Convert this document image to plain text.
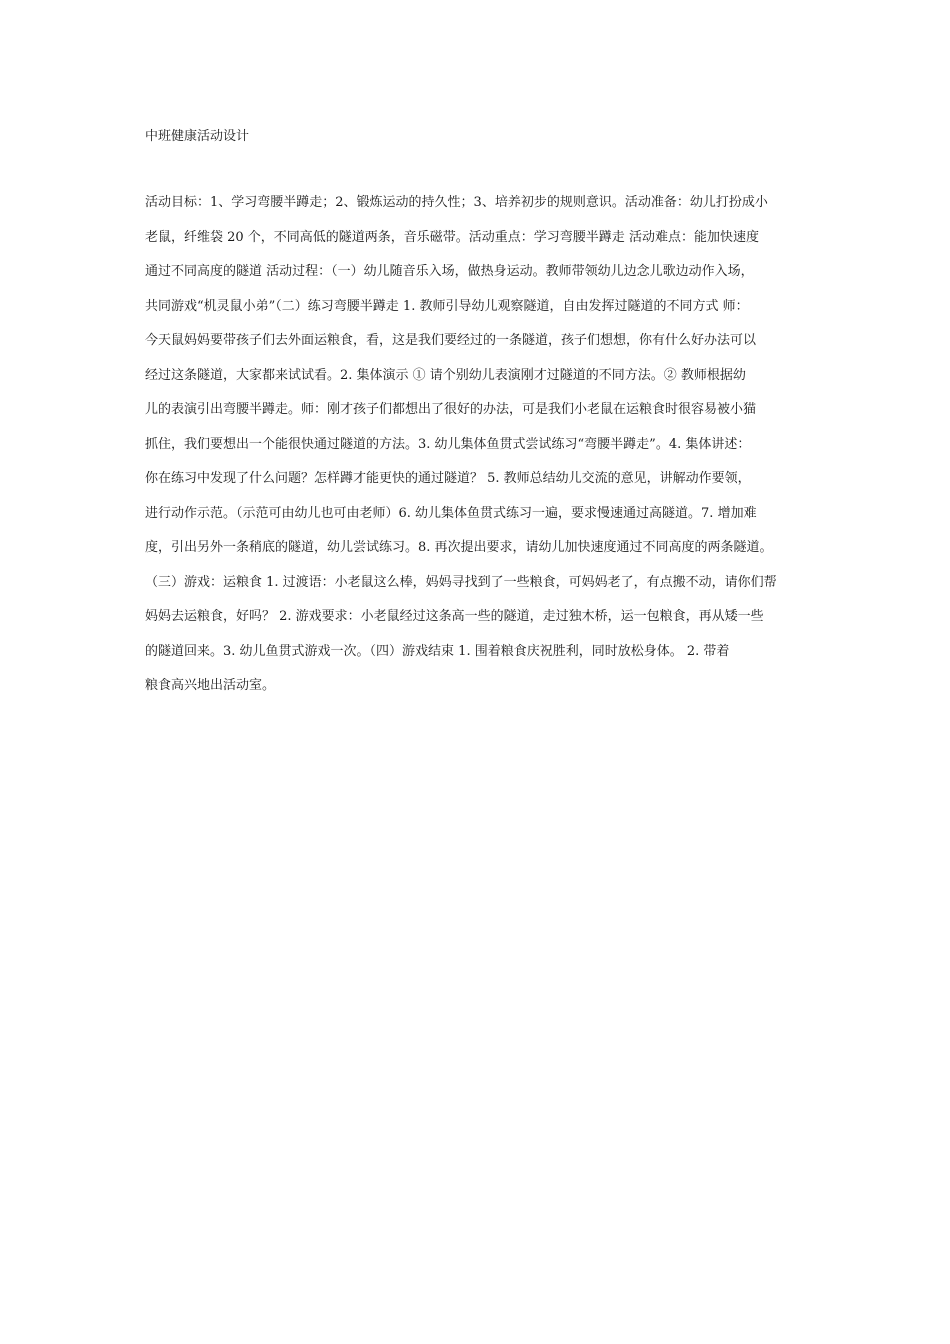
中班健康活动设计
活动目标：1、学习弯腰半蹲走；2、锻炼运动的持久性；3、培养初步的规则意识。活动准备：幼儿打扮成小
老鼠，纤维袋 20 个，不同高低的隧道两条，音乐磁带。活动重点：学习弯腰半蹲走 活动难点：能加快速度
通过不同高度的隧道 活动过程：（一）幼儿随音乐入场，做热身运动。教师带领幼儿边念儿歌边动作入场，
共同游戏“机灵鼠小弟”（二）练习弯腰半蹲走 1. 教师引导幼儿观察隧道，自由发挥过隧道的不同方式 师：
今天鼠妈妈要带孩子们去外面运粮食，看，这是我们要经过的一条隧道，孩子们想想，你有什么好办法可以
经过这条隧道，大家都来试试看。2. 集体演示 ① 请个别幼儿表演刚才过隧道的不同方法。② 教师根据幼
儿的表演引出弯腰半蹲走。师：刚才孩子们都想出了很好的办法，可是我们小老鼠在运粮食时很容易被小猫
抓住，我们要想出一个能很快通过隧道的方法。3. 幼儿集体鱼贯式尝试练习“弯腰半蹲走”。4. 集体讲述：
你在练习中发现了什么问题？怎样蹲才能更快的通过隧道？ 5. 教师总结幼儿交流的意见，讲解动作要领，
进行动作示范。（示范可由幼儿也可由老师）6. 幼儿集体鱼贯式练习一遍，要求慢速通过高隧道。7. 增加难
度，引出另外一条稍底的隧道，幼儿尝试练习。8. 再次提出要求，请幼儿加快速度通过不同高度的两条隧道。
（三）游戏：运粮食 1. 过渡语：小老鼠这么棒，妈妈寻找到了一些粮食，可妈妈老了，有点搬不动，请你们帮
妈妈去运粮食，好吗？ 2. 游戏要求：小老鼠经过这条高一些的隧道，走过独木桥，运一包粮食，再从矮一些
的隧道回来。3. 幼儿鱼贯式游戏一次。（四）游戏结束 1. 围着粮食庆祝胜利，同时放松身体。 2. 带着
粮食高兴地出活动室。
